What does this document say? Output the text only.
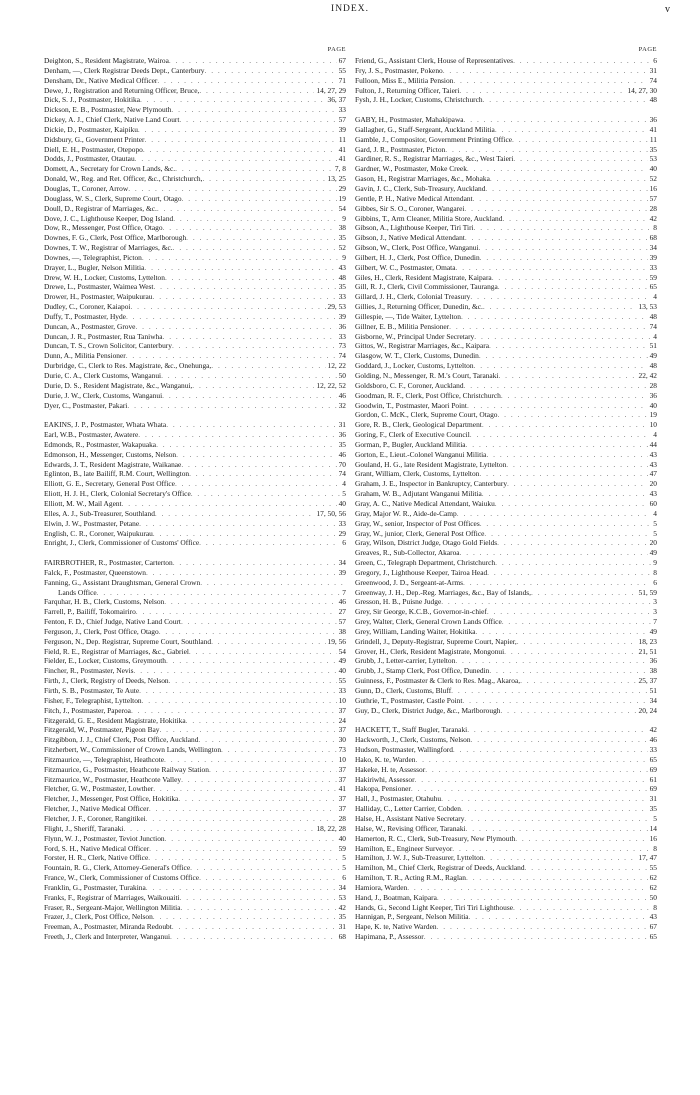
INDEX.	v
PAGE
Deighton, S., Resident Magistrate, Wairoa . . .	67
Denham, —, Clerk Registrar Deeds Dept., Canterbury . . .	55
Densham, Dr., Native Medical Officer . . .	71
Dewe, J., Registration and Returning Officer, Bruce, . . .	14, 27, 29
Dick, S. J., Postmaster, Hokitika . . .	36, 37
Dickson, E. B., Postmaster, New Plymouth . . .	33
Dickey, A. J., Chief Clerk, Native Land Court . . .	57
Dickie, D., Postmaster, Kaipiku . . .	39
Didsbury, G., Government Printer . . .	11
Diell, E. H., Postmaster, Otepopo . . .	41
Dodds, J., Postmaster, Otautau . . .	41
Domett, A., Secretary for Crown Lands, &c. . . .	7, 8
Donald, W., Reg. and Ret. Officer, &c., Christchurch, . . .	13, 25
Douglas, T., Coroner, Arrow . . .	29
Douglass, W. S., Clerk, Supreme Court, Otago . . .	19
Doull, D., Registrar of Marriages, &c. . . .	54
Dove, J. C., Lighthouse Keeper, Dog Island . . .	9
Dow, R., Messenger, Post Office, Otago . . .	38
Downes, F. G., Clerk, Post Office, Marlborough . . .	35
Downes, T. W., Registrar of Marriages, &c. . . .	52
Downes, —, Telegraphist, Picton . . .	9
Drayer, L., Bugler, Nelson Militia . . .	43
Drew, W. H., Locker, Customs, Lyttelton . . .	48
Drewe, L., Postmaster, Waimea West . . .	35
Drower, H., Postmaster, Waipukurau . . .	33
Dudley, C., Coroner, Kaiapoi . . .	29, 53
Duffy, T., Postmaster, Hyde . . .	39
Duncan, A., Postmaster, Grove . . .	36
Duncan, J. R., Postmaster, Rua Taniwha . . .	33
Duncan, T. S., Crown Solicitor, Canterbury . . .	73
Dunn, A., Militia Pensioner . . .	74
Durbridge, C., Clerk to Res. Magistrate, &c., Onehunga, . . .	12, 22
Durie, C. A., Clerk Customs, Wanganui . . .	50
Durie, D. S., Resident Magistrate, &c., Wanganui, . . .	12, 22, 52
Durie, J. W., Clerk, Customs, Wanganui . . .	46
Dyer, C., Postmaster, Pakari . . .	32
EAKINS, J. P., Postmaster, Whata Whata . . .	31
Earl, W.B., Postmaster, Awatere . . .	36
Edmonds, R., Postmaster, Wakapuaka . . .	35
Edmonson, H., Messenger, Customs, Nelson . . .	46
Edwards, J. T., Resident Magistrate, Waikanae . . .	70
Eglinton, B., late Bailiff, R.M. Court, Wellington . . .	74
Elliott, G. E., Secretary, General Post Office . . .	4
Eliott, H. J. H., Clerk, Colonial Secretary's Office . . .	5
Elliott, M. W., Mail Agent . . .	40
Elles, A. J., Sub-Treasurer, Southland . . .	17, 50, 56
Elwin, J. W., Postmaster, Petane . . .	33
English, C. R., Coroner, Waipukurau . . .	29
Enright, J., Clerk, Commissioner of Customs' Office . . .	6
FAIRBROTHER, R., Postmaster, Carterton . . .	34
Falck, F., Postmaster, Queenstown . . .	39
Fanning, G., Assistant Draughtsman, General Crown
. . .
Lands Office . . .	7
Farquhar, H. B., Clerk, Customs, Nelson . . .	46
Farrell, P., Bailiff, Tokomairiro . . .	27
Fenton, F. D., Chief Judge, Native Land Court . . .	57
Ferguson, J., Clerk, Post Office, Otago . . .	38
Ferguson, N., Dep. Registrar, Supreme Court, Southland . . .	19, 56
Field, R. E., Registrar of Marriages, &c., Gabriel . . .	54
Fielder, E., Locker, Customs, Greymouth . . .	49
Fincher, R., Postmaster, Nevis . . .	40
Firth, J., Clerk, Registry of Deeds, Nelson . . .	55
Firth, S. B., Postmaster, Te Aute . . .	33
Fisher, F., Telegraphist, Lyttelton . . .	10
Fitch, J., Postmaster, Paperoa . . .	37
Fitzgerald, G. E., Resident Magistrate, Hokitika . . .	24
Fitzgerald, W., Postmaster, Pigeon Bay . . .	37
Fitzgibbon, J. J., Chief Clerk, Post Office, Auckland . . .	30
Fitzherbert, W., Commissioner of Crown Lands, Wellington . . .	73
Fitzmaurice, —, Telegraphist, Heathcote . . .	10
Fitzmaurice, G., Postmaster, Heathcote Railway Station . . .	37
Fitzmaurice, W., Postmaster, Heathcote Valley . . .	37
Fletcher, G. W., Postmaster, Lowther . . .	41
Fletcher, J., Messenger, Post Office, Hokitika . . .	37
Fletcher, J., Native Medical Officer . . .	37
Fletcher, J. F., Coroner, Rangitikei . . .	28
Flight, J., Sheriff, Taranaki . . .	18, 22, 28
Flynn, W. J., Postmaster, Teviot Junction . . .	40
Ford, S. H., Native Medical Officer . . .	59
Forster, H. R., Clerk, Native Office . . .	5
Fountain, R. G., Clerk, Attorney-General's Office . . .	5
France, W., Clerk, Commissioner of Customs Office . . .	6
Franklin, G., Postmaster, Turakina . . .	34
Franks, F., Registrar of Marriages, Waikouaiti . . .	53
Fraser, R., Sergeant-Major, Wellington Militia . . .	42
Frazer, J., Clerk, Post Office, Nelson . . .	35
Freeman, A., Postmaster, Miranda Redoubt . . .	31
Freeth, J., Clerk and Interpreter, Wanganui . . .	68
PAGE
Friend, G., Assistant Clerk, House of Representatives . . .	6
Fry, J. S., Postmaster, Pokeno . . .	31
Fulloon, Miss E., Militia Pension . . .	74
Fulton, J., Returning Officer, Taieri . . .	14, 27, 30
Fysh, J. H., Locker, Customs, Christchurch . . .	48
GABY, H., Postmaster, Mahakipawa . . .	36
Gallagher, G., Staff-Sergeant, Auckland Militia . . .	41
Gamble, J., Compositor, Government Printing Office . . .	11
Gard, J. R., Postmaster, Picton . . .	35
Gardiner, R. S., Registrar Marriages, &c., West Taieri . . .	53
Gardner, W., Postmaster, Moke Creek . . .	40
Gason, H., Registrar Marriages, &c., Mohaka . . .	52
Gavin, J. C., Clerk, Sub-Treasury, Auckland . . .	16
Gentle, P. H., Native Medical Attendant . . .	57
Gibbes, Sir S. O., Coroner, Wangarei . . .	28
Gibbins, T., Arm Cleaner, Militia Store, Auckland . . .	42
Gibson, A., Lighthouse Keeper, Tiri Tiri . . .	8
Gibson, J., Native Medical Attendant . . .	68
Gibson, W., Clerk, Post Office, Wanganui . . .	34
Gilbert, H. J., Clerk, Post Office, Dunedin . . .	39
Gilbert, W. C., Postmaster, Omata . . .	33
Giles, H., Clerk, Resident Magistrate, Kaipara . . .	59
Gill, R. J., Clerk, Civil Commissioner, Tauranga . . .	65
Gillard, J. H., Clerk, Colonial Treasury . . .	4
Gillies, J., Returning Officer, Dunedin, &c. . . .	13, 53
Gillespie, —, Tide Waiter, Lyttelton . . .	48
Gillner, E. B., Militia Pensioner . . .	74
Gisborne, W., Principal Under Secretary . . .	4
Gittos, W., Registrar Marriages, &c., Kaipara . . .	51
Glasgow, W. T., Clerk, Customs, Dunedin . . .	49
Goddard, J., Locker, Customs, Lyttelton . . .	48
Golding, N., Messenger, R. M.'s Court, Taranaki . . .	22, 42
Goldsboro, C. F., Coroner, Auckland . . .	28
Goodman, R. F., Clerk, Post Office, Christchurch . . .	36
Goodwin, T., Postmaster, Maori Point . . .	40
Gordon, C. McK., Clerk, Supreme Court, Otago . . .	19
Gore, R. B., Clerk, Geological Department . . .	10
Goring, F., Clerk of Executive Council . . .	4
Gorman, P., Bugler, Auckland Militia . . .	44
Gorton, E., Lieut.-Colonel Wanganui Militia . . .	43
Gouland, H. G., late Resident Magistrate, Lyttelton . . .	43
Grant, William, Clerk, Customs, Lyttelton . . .	47
Graham, J. E., Inspector in Bankruptcy, Canterbury . . .	20
Graham, W. B., Adjutant Wanganui Militia . . .	43
Gray, A. C., Native Medical Attendant, Waiuku . . .	60
Gray, Major W. R., Aide-de-Camp . . .	4
Gray, W., senior, Inspector of Post Offices . . .	5
Gray, W., junior, Clerk, General Post Office . . .	5
Gray, Wilson, District Judge, Otago Gold Fields . . .	20
Greaves, R., Sub-Collector, Akaroa . . .	49
Green, C., Telegraph Department, Christchurch . . .	9
Gregory, J., Lighthouse Keeper, Tairoa Head . . .	8
Greenwood, J. D., Sergeant-at-Arms . . .	6
Greenway, J. H., Dep.-Reg. Marriages, &c., Bay of Islands, . . .	51, 59
Gresson, H. B., Puisne Judge . . .	3
Grey, Sir George, K.C.B., Governor-in-chief . . .	3
Grey, Walter, Clerk, General Crown Lands Office . . .	7
Grey, William, Landing Waiter, Hokitika . . .	49
Grindell, J., Deputy-Registrar, Supreme Court, Napier, . . .	18, 23
Grover, H., Clerk, Resident Magistrate, Mongonui . . .	21, 51
Grubb, J., Letter-carrier, Lyttelton . . .	36
Grubb, J., Stamp Clerk, Post Office, Dunedin . . .	38
Guinness, F., Postmaster & Clerk to Res. Mag., Akaroa, . . .	25, 37
Gunn, D., Clerk, Customs, Bluff . . .	51
Guthrie, T., Postmaster, Castle Point . . .	34
Guy, D., Clerk, District Judge, &c., Marlborough . . .	20, 24
HACKETT, T., Staff Bugler, Taranaki . . .	42
Hackworth, J., Clerk, Customs, Nelson . . .	46
Hudson, Postmaster, Wallingford . . .	33
Hako, K. te, Warden . . .	65
Hakeke, H. te, Assessor . . .	69
Hakiriwhi, Assessor . . .	61
Hakopa, Pensioner . . .	69
Hall, J., Postmaster, Otahuhu . . .	31
Halliday, C., Letter Carrier, Cobden . . .	35
Halse, H., Assistant Native Secretary . . .	5
Halse, W., Revising Officer, Taranaki . . .	14
Hamerton, R. C., Clerk, Sub-Treasury, New Plymouth . . .	16
Hamilton, E., Engineer Surveyor . . .	8
Hamilton, J. W. J., Sub-Treasurer, Lyttelton . . .	17, 47
Hamilton, M., Chief Clerk, Registrar of Deeds, Auckland . . .	55
Hamilton, T. R., Acting R.M., Raglan . . .	62
Hamiora, Warden . . .	62
Hand, J., Boatman, Kaipara . . .	50
Hands, G., Second Light Keeper, Tiri Tiri Lighthouse . . .	8
Hannigan, P., Sergeant, Nelson Militia . . .	43
Hape, K. te, Native Warden . . .	67
Hapimana, P., Assessor . . .	65
